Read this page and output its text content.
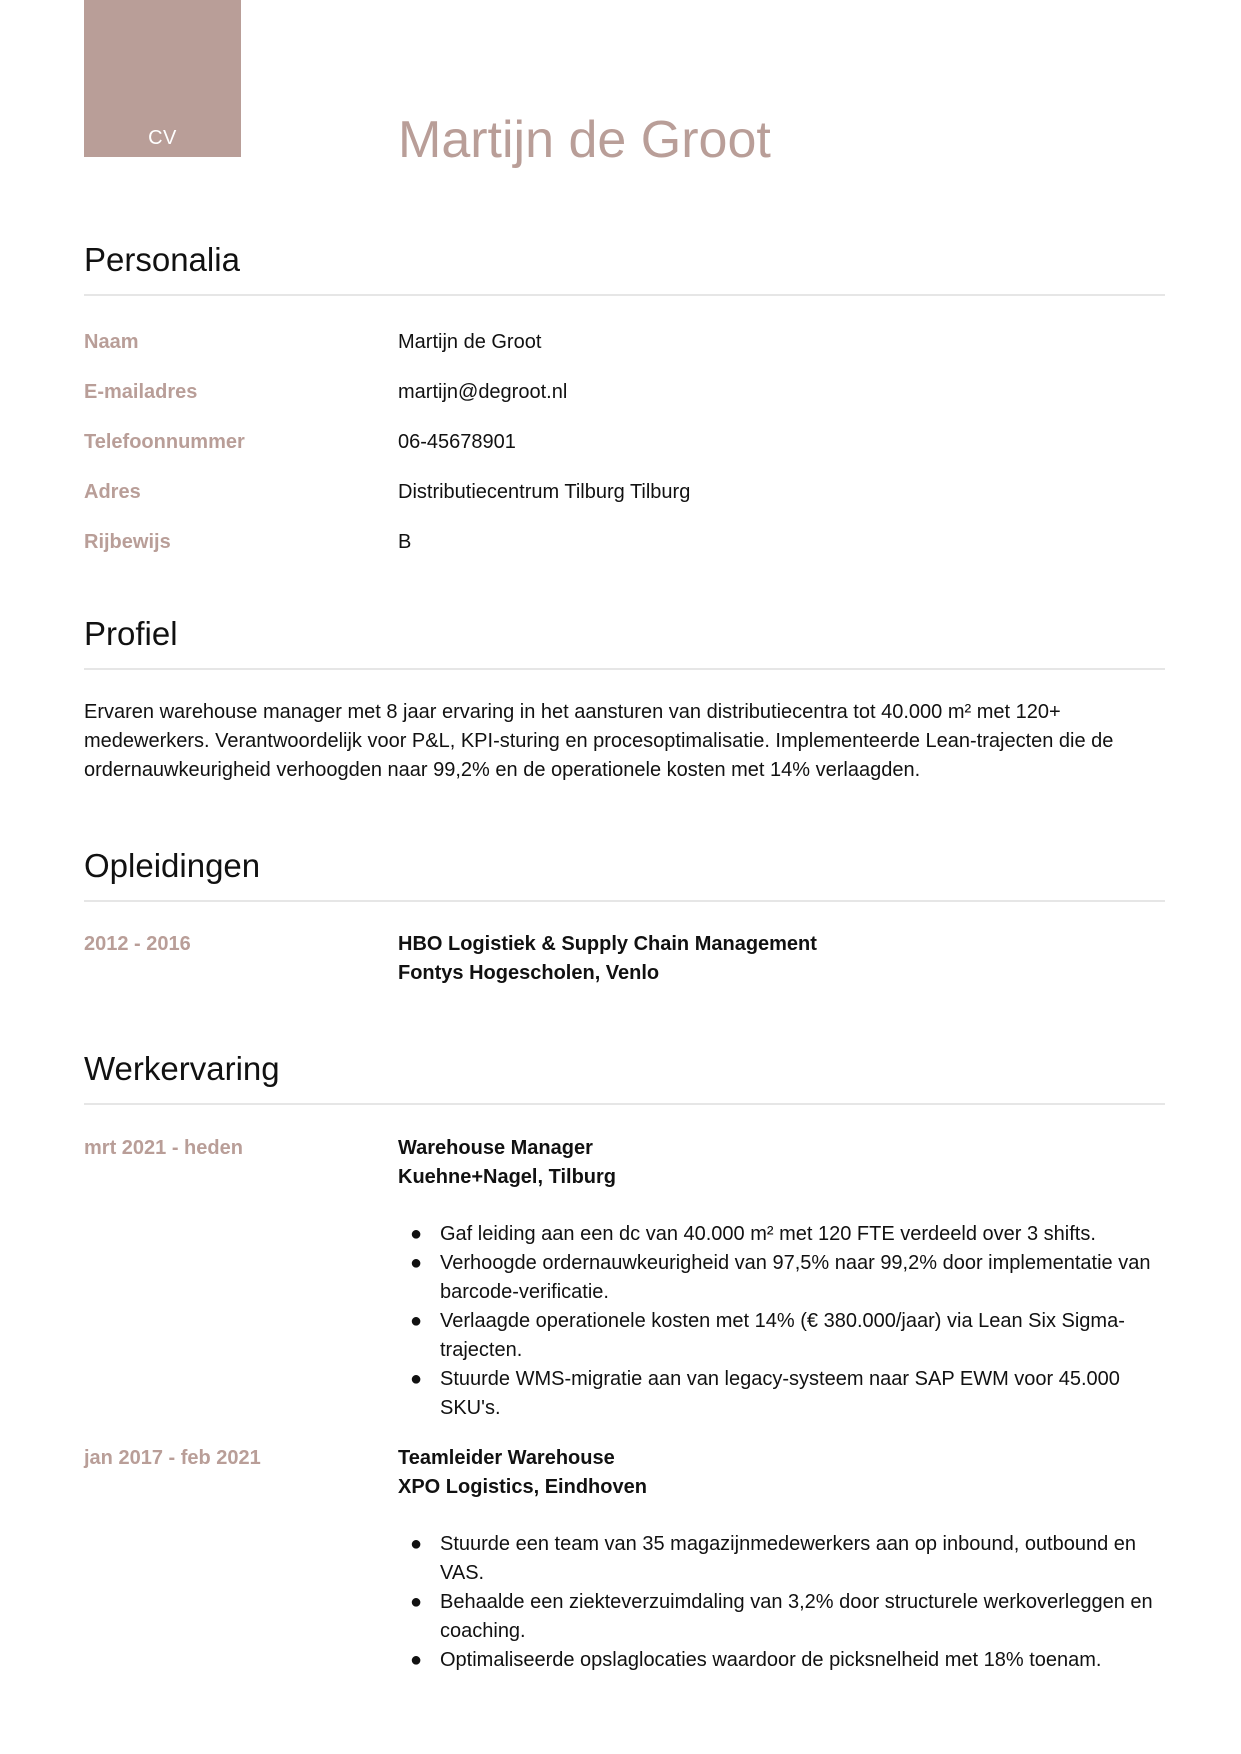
CV	Martijn de Groot
Personalia
Naam	Martijn de Groot
E-mailadres	martijn@degroot.nl
Telefoonnummer	06-45678901
Adres	Distributiecentrum Tilburg Tilburg
Rijbewijs	B
Profiel

Ervaren warehouse manager met 8 jaar ervaring in het aansturen van distributiecentra tot 40.000 m² met 120+ medewerkers. Verantwoordelijk voor P&L, KPI-sturing en procesoptimalisatie. Implementeerde Lean-trajecten die de ordernauwkeurigheid verhoogden naar 99,2% en de operationele kosten met 14% verlaagden.

Opleidingen
2012 - 2016	HBO Logistiek & Supply Chain Management
Fontys Hogescholen, Venlo
Werkervaring
mrt 2021 - heden	Warehouse Manager
Kuehne+Nagel, Tilburg
● Gaf leiding aan een dc van 40.000 m² met 120 FTE verdeeld over 3 shifts.
● Verhoogde ordernauwkeurigheid van 97,5% naar 99,2% door implementatie van barcode-verificatie.
● Verlaagde operationele kosten met 14% (€ 380.000/jaar) via Lean Six Sigma-trajecten.
● Stuurde WMS-migratie aan van legacy-systeem naar SAP EWM voor 45.000 SKU's.
jan 2017 - feb 2021	Teamleider Warehouse
XPO Logistics, Eindhoven
● Stuurde een team van 35 magazijnmedewerkers aan op inbound, outbound en VAS.
● Behaalde een ziekteverzuimdaling van 3,2% door structurele werkoverleggen en coaching.
● Optimaliseerde opslaglocaties waardoor de picksnelheid met 18% toenam.
